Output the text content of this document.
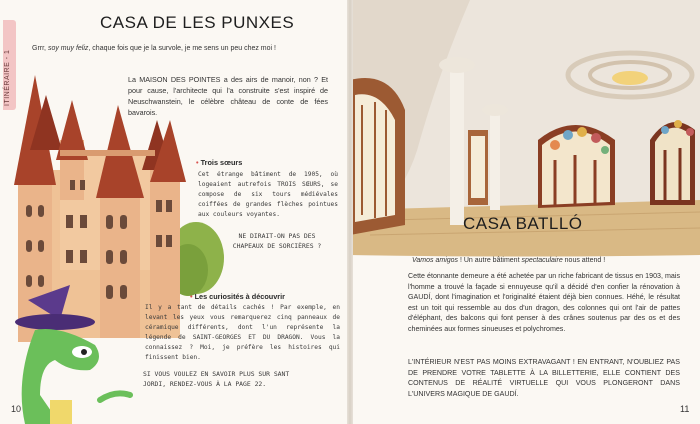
ITINÉRAIRE - 1
CASA DE LES PUNXES
Grrr, soy muy feliz, chaque fois que je la survole, je me sens un peu chez moi !
La MAISON DES POINTES a des airs de manoir, non ? Et pour cause, l'architecte qui l'a construite s'est inspiré de Neuschwanstein, le célèbre château de conte de fées bavarois.
• Trois sœurs
Cet étrange bâtiment de 1905, où logeaient autrefois TROIS SŒURS, se compose de six tours médiévales coiffées de grandes flèches pointues aux couleurs voyantes.
NE DIRAIT-ON PAS DES CHAPEAUX DE SORCIÈRES ?
• Les curiosités à découvrir
Il y a tant de détails cachés ! Par exemple, en levant les yeux vous remarquerez cinq panneaux de céramique différents, dont l'un représente la légende de SAINT-GEORGES ET DU DRAGON. Vous la connaissez ? Moi, je préfère les histoires qui finissent bien.
SI VOUS VOULEZ EN SAVOIR PLUS SUR SANT JORDI, RENDEZ-VOUS À LA PAGE 22.
10	11
CASA BATLLÓ
Vamos amigos ! Un autre bâtiment spectaculaire nous attend !
Cette étonnante demeure a été achetée par un riche fabricant de tissus en 1903, mais l'homme a trouvé la façade si ennuyeuse qu'il a décidé d'en confier la rénovation à GAUDÍ, dont l'imagination et l'originalité étaient déjà bien connues. Héhé, le résultat est un toit qui ressemble au dos d'un dragon, des colonnes qui ont l'air de pattes d'éléphant, des balcons qui font penser à des crânes soutenus par des os et des cheminées aux formes sinueuses et polychromes.
L'INTÉRIEUR N'EST PAS MOINS EXTRAVAGANT ! EN ENTRANT, N'OUBLIEZ PAS DE PRENDRE VOTRE TABLETTE À LA BILLETTERIE, ELLE CONTIENT DES CONTENUS DE RÉALITÉ VIRTUELLE QUI VOUS PLONGERONT DANS L'UNIVERS MAGIQUE DE GAUDÍ.
